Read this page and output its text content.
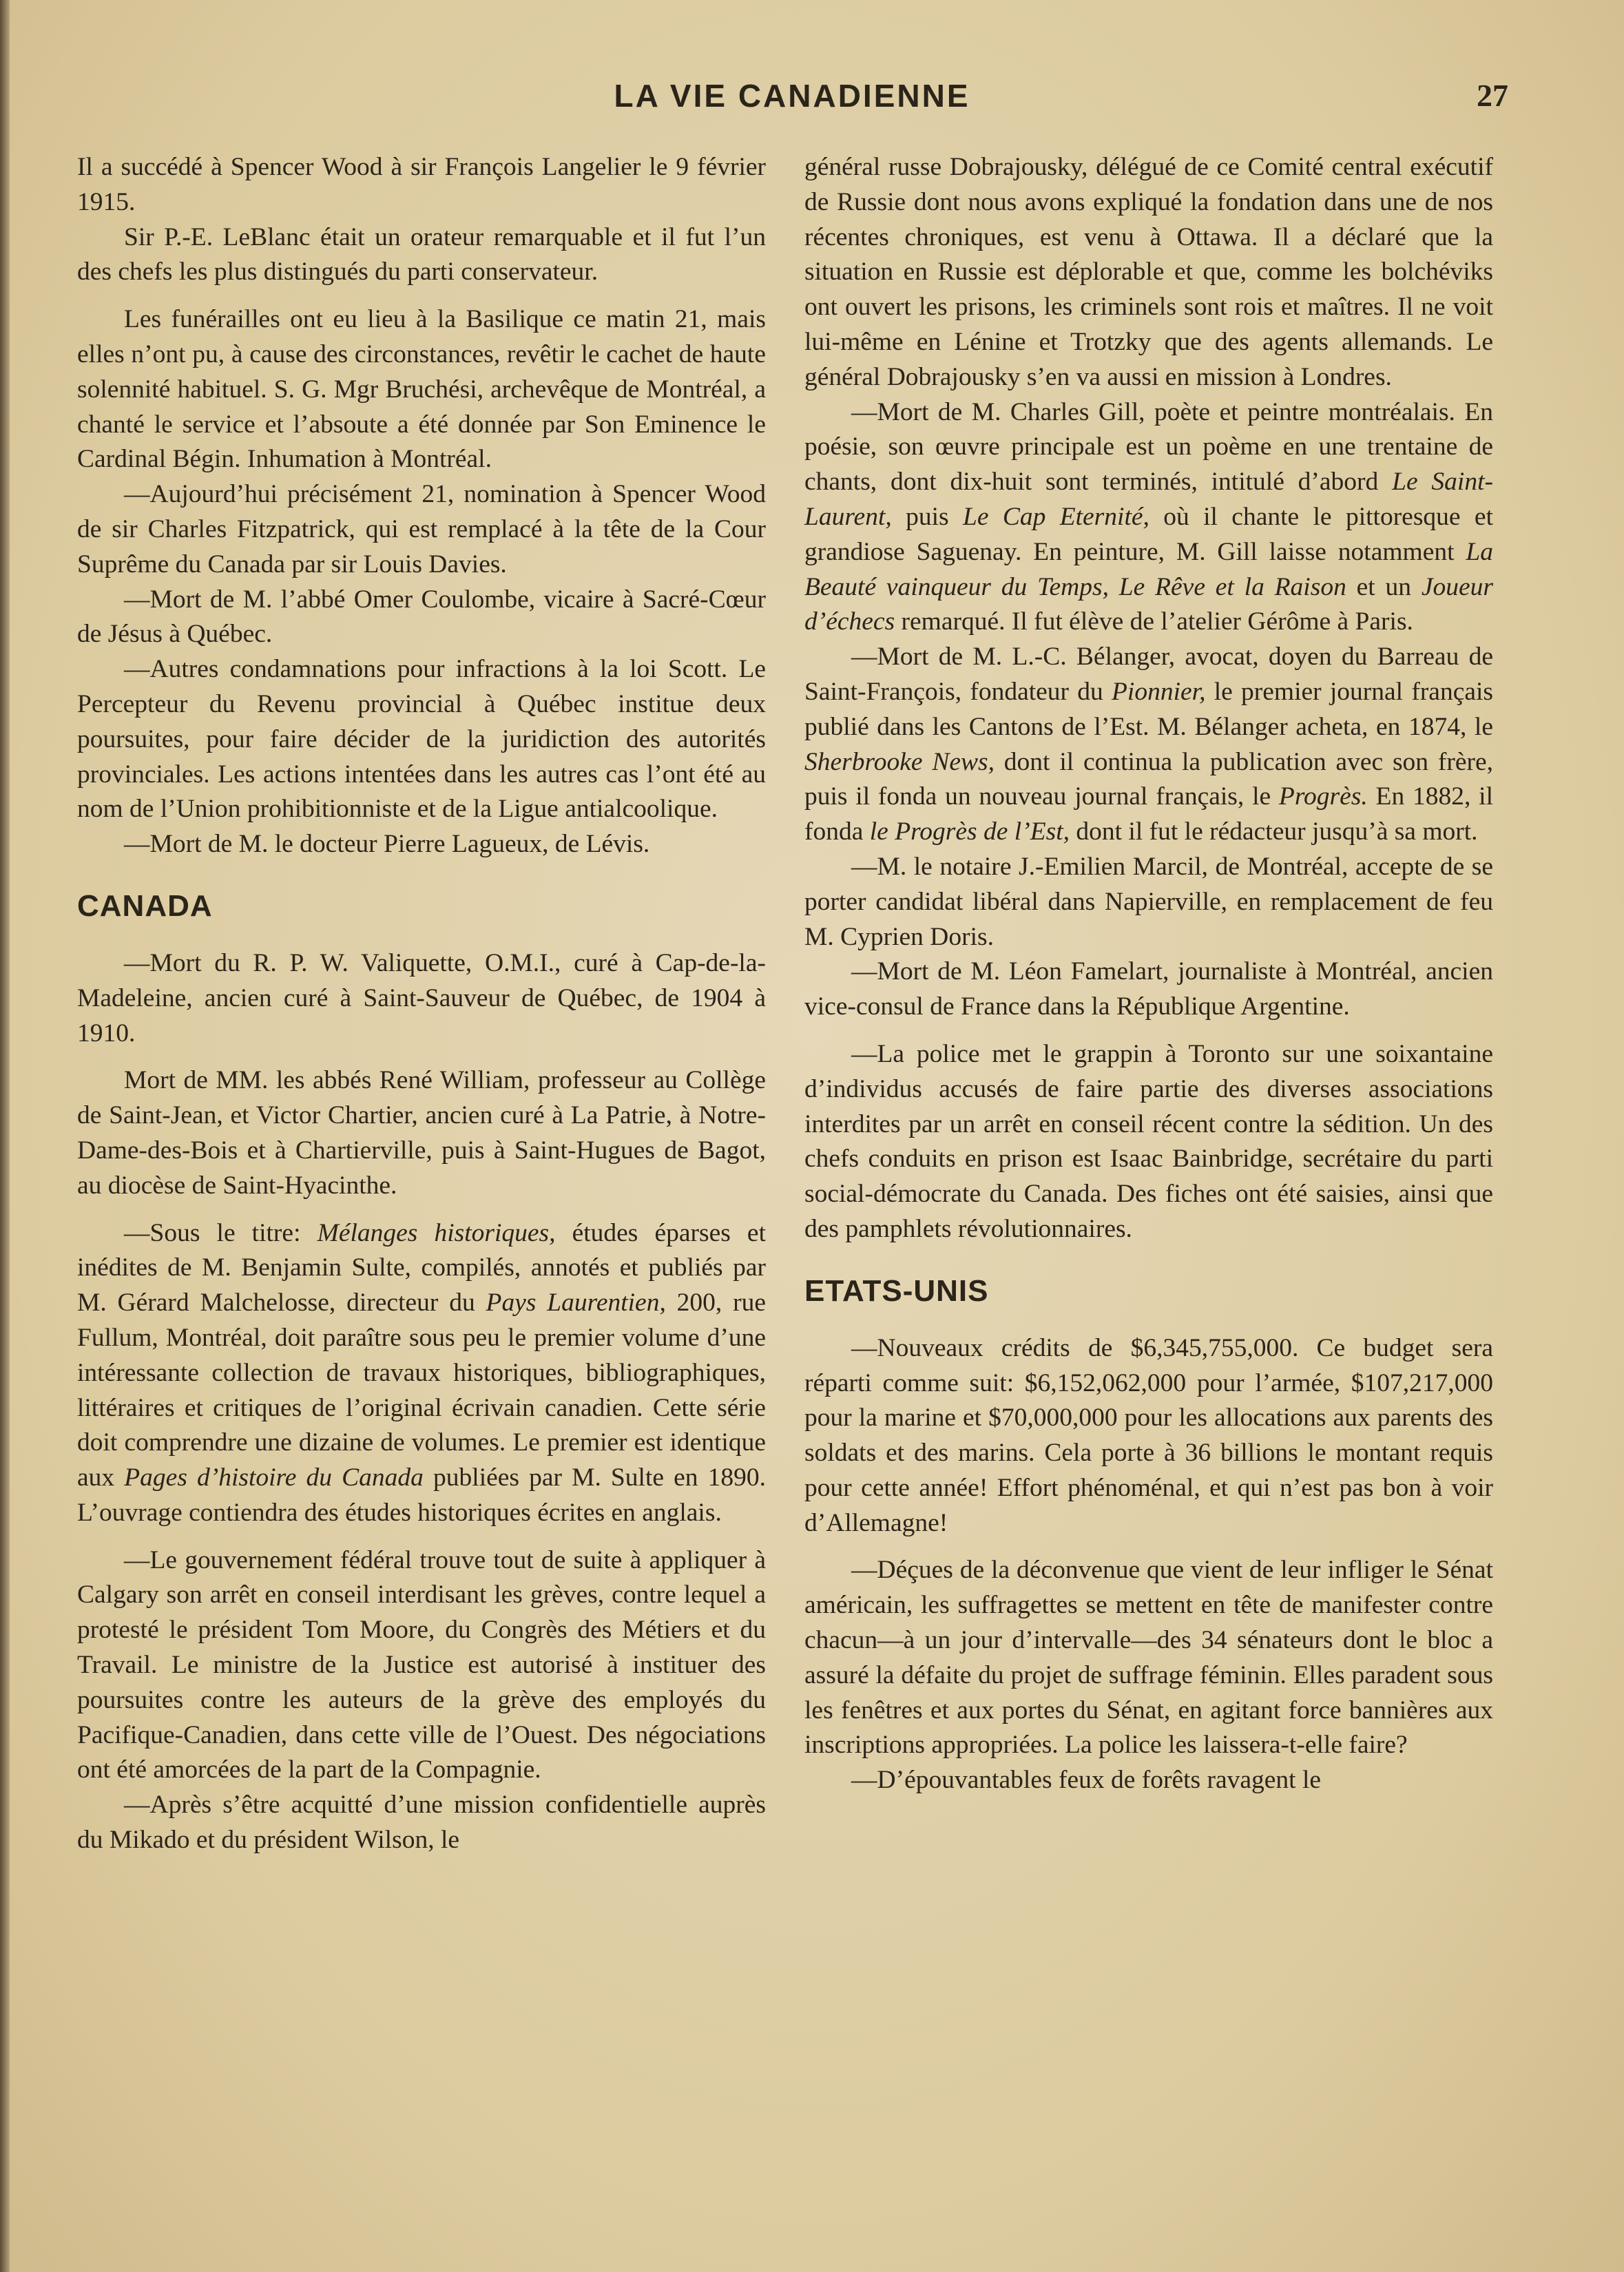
LA VIE CANADIENNE	27

Il a succédé à Spencer Wood à sir François Langelier le 9 février 1915.

Sir P.-E. LeBlanc était un orateur remarquable et il fut l’un des chefs les plus distingués du parti conservateur.

Les funérailles ont eu lieu à la Basilique ce matin 21, mais elles n’ont pu, à cause des circonstances, revêtir le cachet de haute solennité habituel. S. G. Mgr Bruchési, archevêque de Montréal, a chanté le service et l’absoute a été donnée par Son Eminence le Cardinal Bégin. Inhumation à Montréal.

—Aujourd’hui précisément 21, nomination à Spencer Wood de sir Charles Fitzpatrick, qui est remplacé à la tête de la Cour Suprême du Canada par sir Louis Davies.

—Mort de M. l’abbé Omer Coulombe, vicaire à Sacré-Cœur de Jésus à Québec.

—Autres condamnations pour infractions à la loi Scott. Le Percepteur du Revenu provincial à Québec institue deux poursuites, pour faire décider de la juridiction des autorités provinciales. Les actions intentées dans les autres cas l’ont été au nom de l’Union prohibitionniste et de la Ligue antialcoolique.

—Mort de M. le docteur Pierre Lagueux, de Lévis.

CANADA

—Mort du R. P. W. Valiquette, O.M.I., curé à Cap-de-la-Madeleine, ancien curé à Saint-Sauveur de Québec, de 1904 à 1910.

Mort de MM. les abbés René William, professeur au Collège de Saint-Jean, et Victor Chartier, ancien curé à La Patrie, à Notre-Dame-des-Bois et à Chartierville, puis à Saint-Hugues de Bagot, au diocèse de Saint-Hyacinthe.

—Sous le titre: Mélanges historiques, études éparses et inédites de M. Benjamin Sulte, compilés, annotés et publiés par M. Gérard Malchelosse, directeur du Pays Laurentien, 200, rue Fullum, Montréal, doit paraître sous peu le premier volume d’une intéressante collection de travaux historiques, bibliographiques, littéraires et critiques de l’original écrivain canadien. Cette série doit comprendre une dizaine de volumes. Le premier est identique aux Pages d’histoire du Canada publiées par M. Sulte en 1890. L’ouvrage contiendra des études historiques écrites en anglais.

—Le gouvernement fédéral trouve tout de suite à appliquer à Calgary son arrêt en conseil interdisant les grèves, contre lequel a protesté le président Tom Moore, du Congrès des Métiers et du Travail. Le ministre de la Justice est autorisé à instituer des poursuites contre les auteurs de la grève des employés du Pacifique-Canadien, dans cette ville de l’Ouest. Des négociations ont été amorcées de la part de la Compagnie.

—Après s’être acquitté d’une mission confidentielle auprès du Mikado et du président Wilson, le

général russe Dobrajousky, délégué de ce Comité central exécutif de Russie dont nous avons expliqué la fondation dans une de nos récentes chroniques, est venu à Ottawa. Il a déclaré que la situation en Russie est déplorable et que, comme les bolchéviks ont ouvert les prisons, les criminels sont rois et maîtres. Il ne voit lui-même en Lénine et Trotzky que des agents allemands. Le général Dobrajousky s’en va aussi en mission à Londres.

—Mort de M. Charles Gill, poète et peintre montréalais. En poésie, son œuvre principale est un poème en une trentaine de chants, dont dix-huit sont terminés, intitulé d’abord Le Saint-Laurent, puis Le Cap Eternité, où il chante le pittoresque et grandiose Saguenay. En peinture, M. Gill laisse notamment La Beauté vainqueur du Temps, Le Rêve et la Raison et un Joueur d’échecs remarqué. Il fut élève de l’atelier Gérôme à Paris.

—Mort de M. L.-C. Bélanger, avocat, doyen du Barreau de Saint-François, fondateur du Pionnier, le premier journal français publié dans les Cantons de l’Est. M. Bélanger acheta, en 1874, le Sherbrooke News, dont il continua la publication avec son frère, puis il fonda un nouveau journal français, le Progrès. En 1882, il fonda le Progrès de l’Est, dont il fut le rédacteur jusqu’à sa mort.

—M. le notaire J.-Emilien Marcil, de Montréal, accepte de se porter candidat libéral dans Napierville, en remplacement de feu M. Cyprien Doris.

—Mort de M. Léon Famelart, journaliste à Montréal, ancien vice-consul de France dans la République Argentine.

—La police met le grappin à Toronto sur une soixantaine d’individus accusés de faire partie des diverses associations interdites par un arrêt en conseil récent contre la sédition. Un des chefs conduits en prison est Isaac Bainbridge, secrétaire du parti social-démocrate du Canada. Des fiches ont été saisies, ainsi que des pamphlets révolutionnaires.

ETATS-UNIS

—Nouveaux crédits de $6,345,755,000. Ce budget sera réparti comme suit: $6,152,062,000 pour l’armée, $107,217,000 pour la marine et $70,000,000 pour les allocations aux parents des soldats et des marins. Cela porte à 36 billions le montant requis pour cette année! Effort phénoménal, et qui n’est pas bon à voir d’Allemagne!

—Déçues de la déconvenue que vient de leur infliger le Sénat américain, les suffragettes se mettent en tête de manifester contre chacun—à un jour d’intervalle—des 34 sénateurs dont le bloc a assuré la défaite du projet de suffrage féminin. Elles paradent sous les fenêtres et aux portes du Sénat, en agitant force bannières aux inscriptions appropriées. La police les laissera-t-elle faire?

—D’épouvantables feux de forêts ravagent le
